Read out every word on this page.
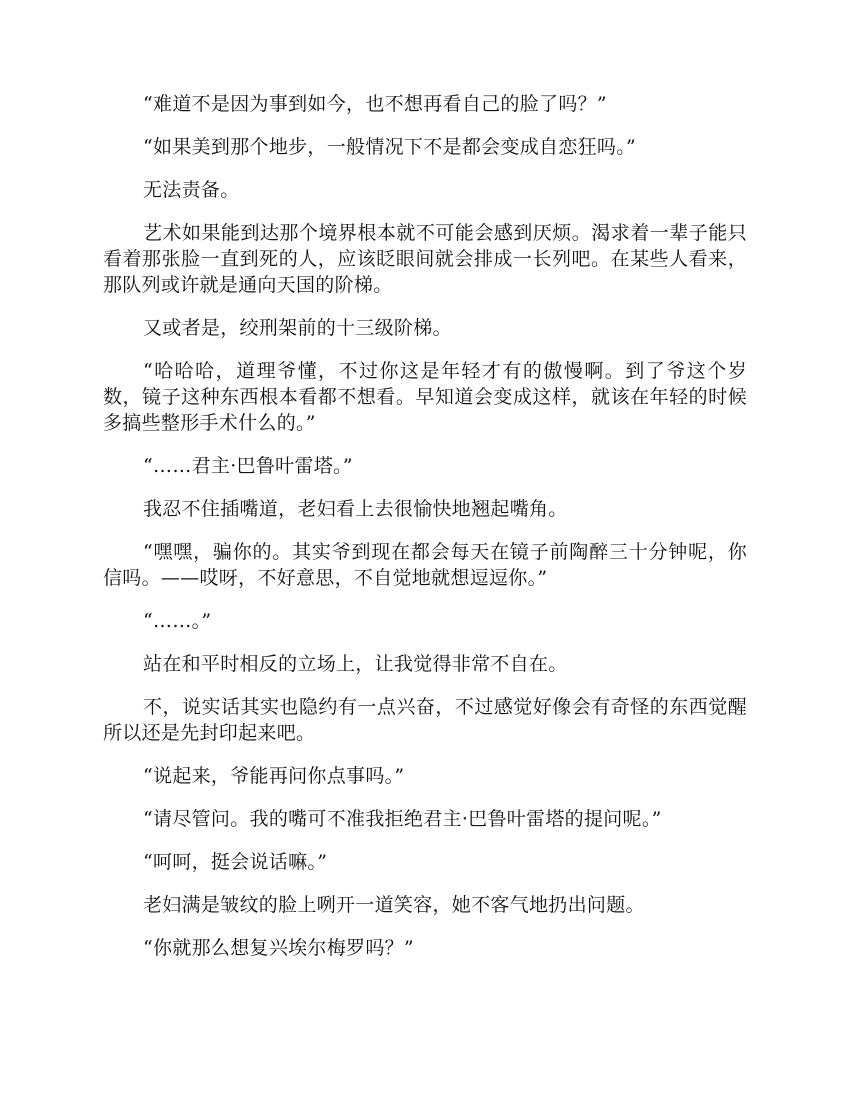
“难道不是因为事到如今，也不想再看自己的脸了吗？”

“如果美到那个地步，一般情况下不是都会变成自恋狂吗。”

无法责备。

艺术如果能到达那个境界根本就不可能会感到厌烦。渴求着一辈子能只看着那张脸一直到死的人，应该眨眼间就会排成一长列吧。在某些人看来，那队列或许就是通向天国的阶梯。

又或者是，绞刑架前的十三级阶梯。

“哈哈哈，道理爷懂，不过你这是年轻才有的傲慢啊。到了爷这个岁数，镜子这种东西根本看都不想看。早知道会变成这样，就该在年轻的时候多搞些整形手术什么的。”

“……君主·巴鲁叶雷塔。”

我忍不住插嘴道，老妇看上去很愉快地翘起嘴角。

“嘿嘿，骗你的。其实爷到现在都会每天在镜子前陶醉三十分钟呢，你信吗。——哎呀，不好意思，不自觉地就想逗逗你。”

“……。”

站在和平时相反的立场上，让我觉得非常不自在。

不，说实话其实也隐约有一点兴奋，不过感觉好像会有奇怪的东西觉醒所以还是先封印起来吧。

“说起来，爷能再问你点事吗。”

“请尽管问。我的嘴可不准我拒绝君主·巴鲁叶雷塔的提问呢。”

“呵呵，挺会说话嘛。”

老妇满是皱纹的脸上咧开一道笑容，她不客气地扔出问题。

“你就那么想复兴埃尔梅罗吗？”
